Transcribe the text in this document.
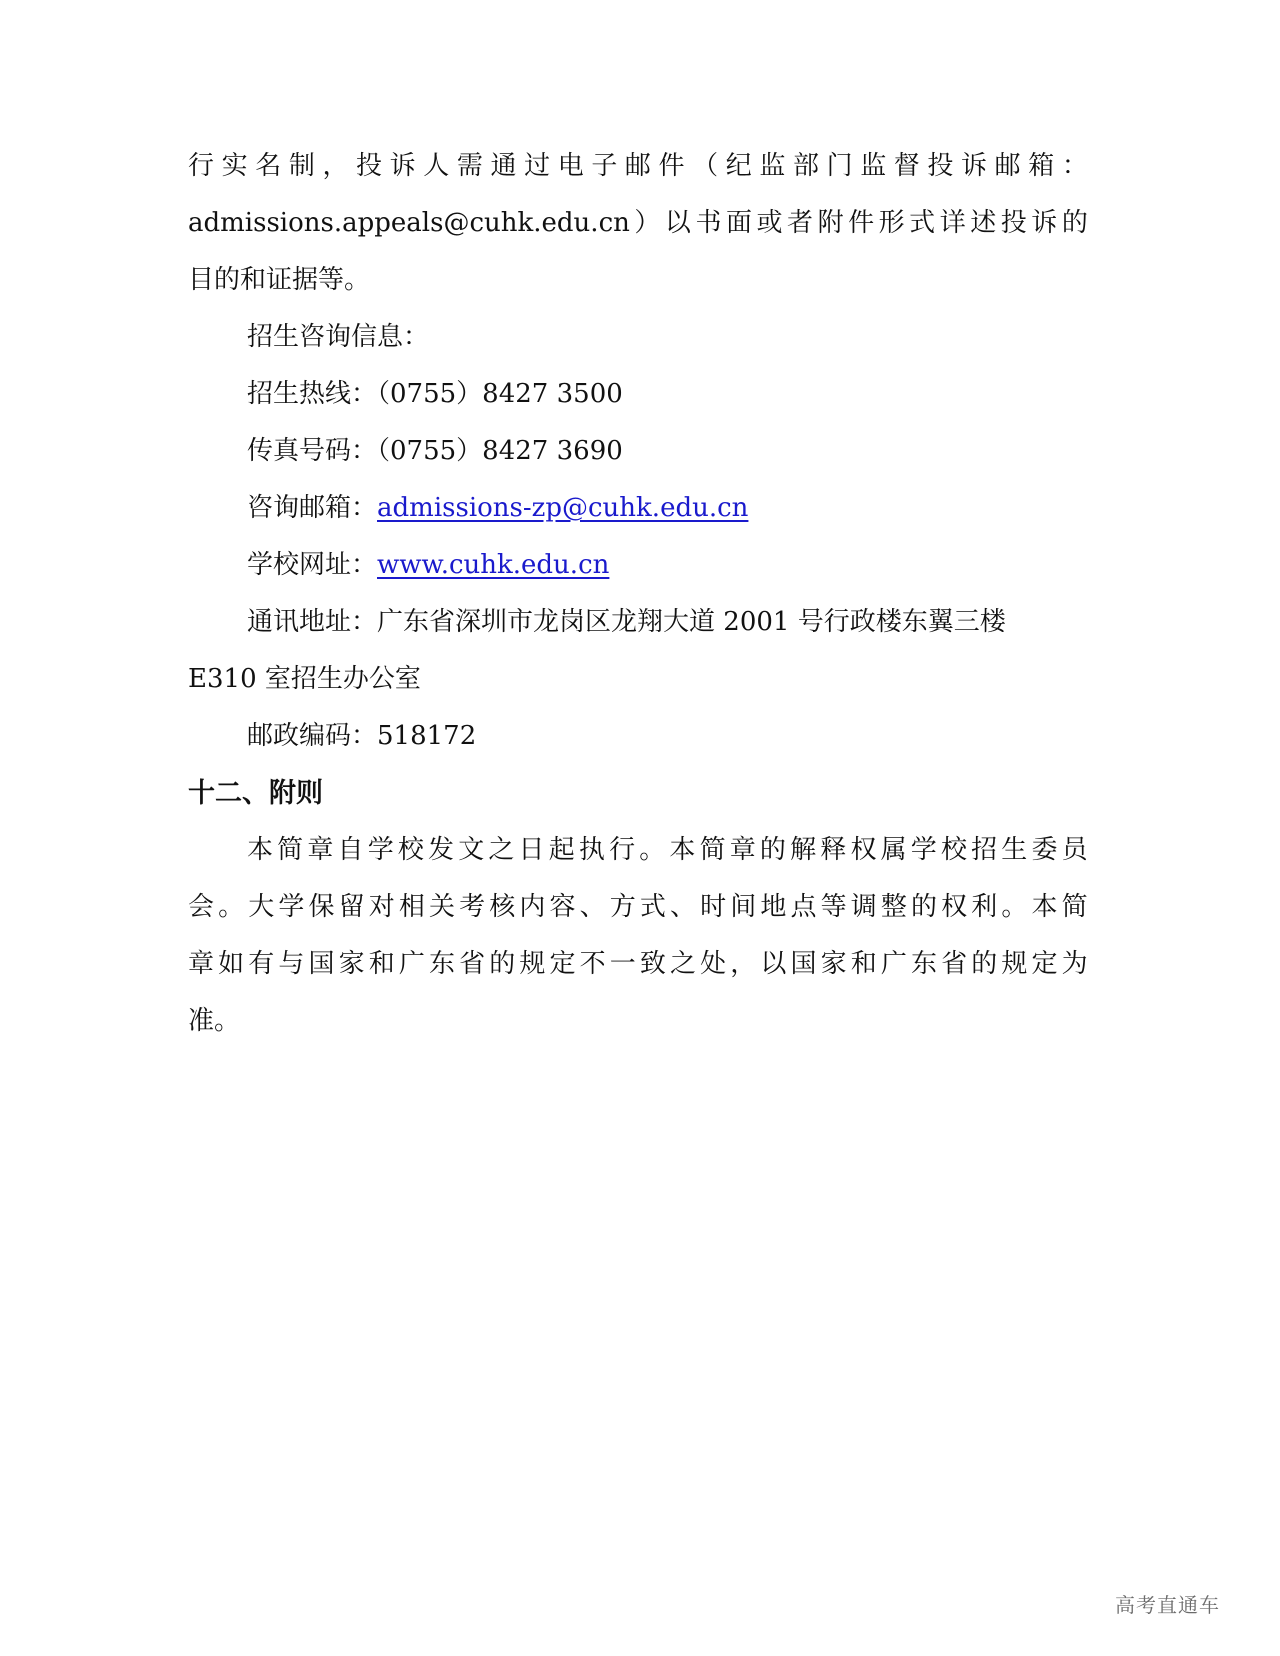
行 实 名 制 ， 投 诉 人 需 通 过 电 子 邮 件 （ 纪 监 部 门 监 督 投 诉 邮 箱 ：
admissions.appeals@cuhk.edu.cn ） 以 书 面 或 者 附 件 形 式 详 述 投 诉 的
目的和证据等。
招生咨询信息：
招生热线：（0755）8427 3500
传真号码：（0755）8427 3690
咨询邮箱：admissions-zp@cuhk.edu.cn
学校网址：www.cuhk.edu.cn
通讯地址：广东省深圳市龙岗区龙翔大道 2001 号行政楼东翼三楼
E310 室招生办公室
邮政编码：518172
十二、附则
本 简 章 自 学 校 发 文 之 日 起 执 行 。 本 简 章 的 解 释 权 属 学 校 招 生 委 员
会 。 大 学 保 留 对 相 关 考 核 内 容 、 方 式 、 时 间 地 点 等 调 整 的 权 利 。 本 简
章 如 有 与 国 家 和 广 东 省 的 规 定 不 一 致 之 处 ， 以 国 家 和 广 东 省 的 规 定 为
准。
高考直通车
